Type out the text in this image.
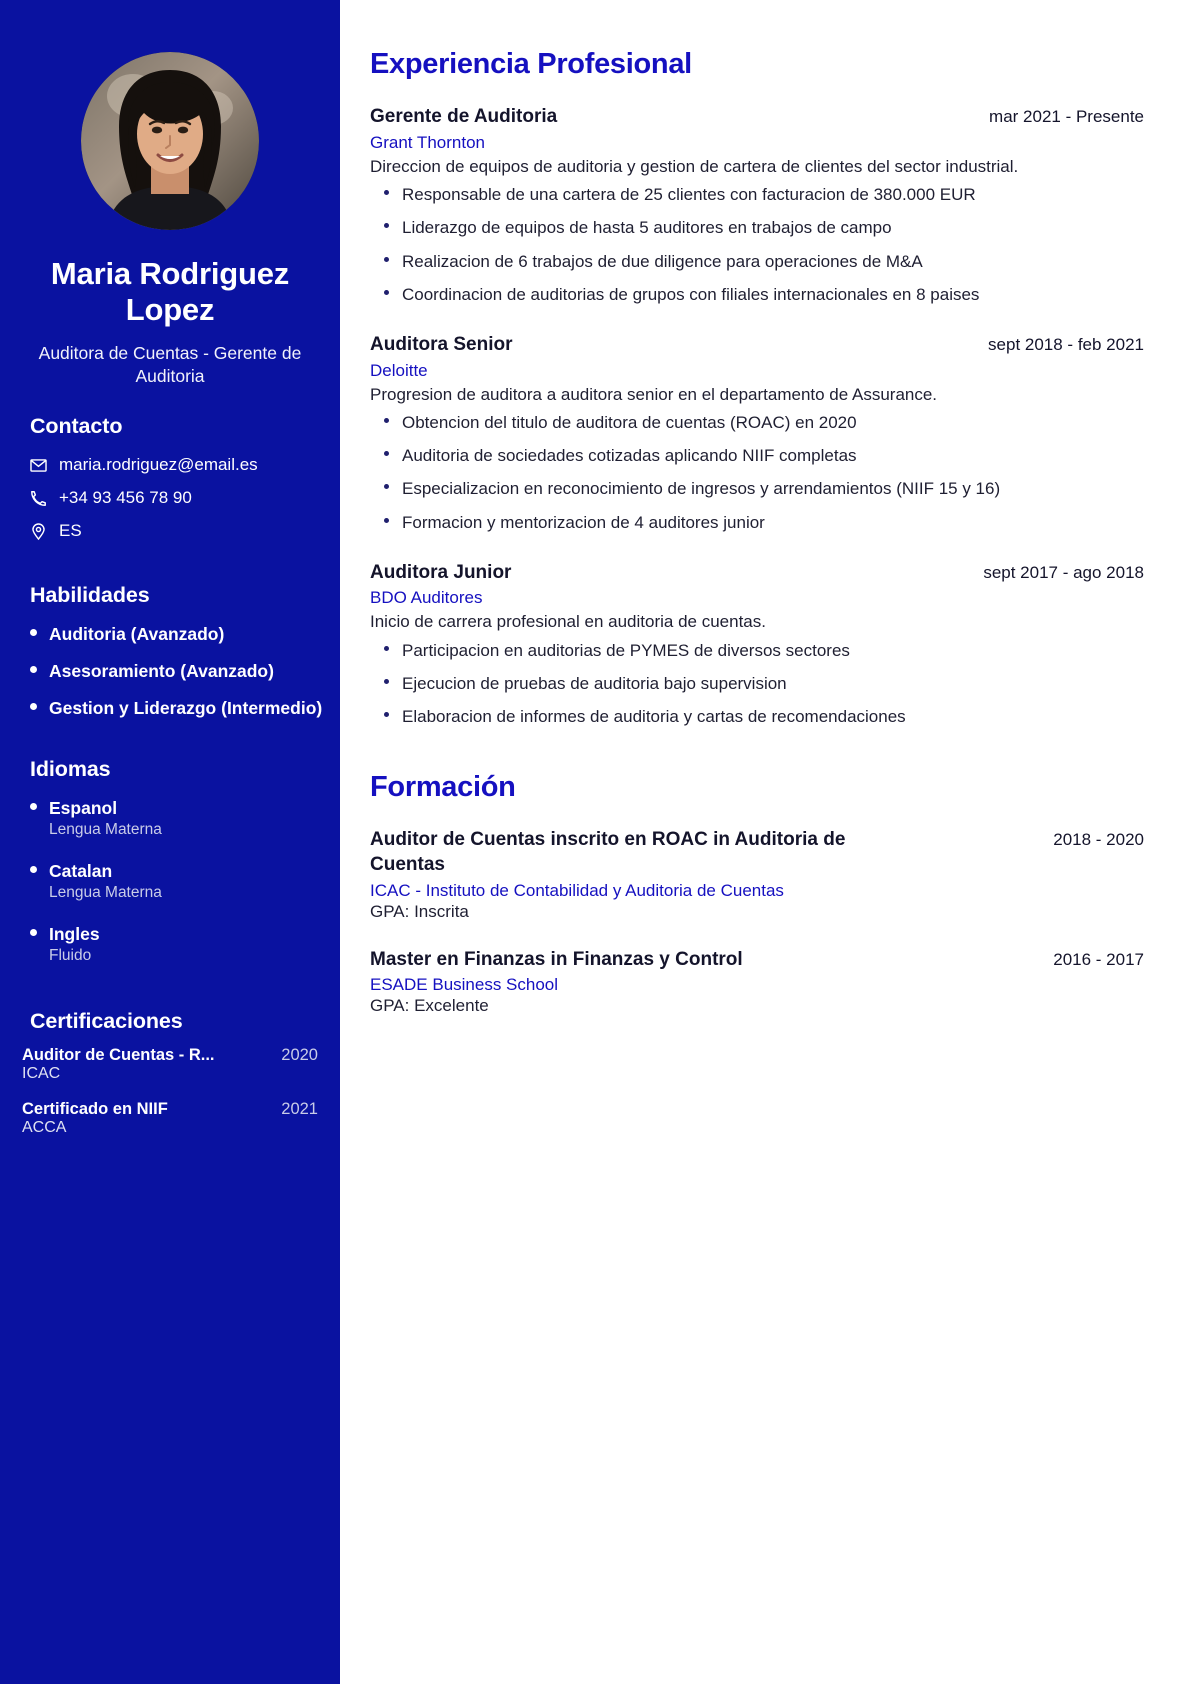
Maria Rodriguez Lopez
Auditora de Cuentas - Gerente de Auditoria
Contacto
maria.rodriguez@email.es
+34 93 456 78 90
ES
Habilidades
Auditoria (Avanzado)
Asesoramiento (Avanzado)
Gestion y Liderazgo (Intermedio)
Idiomas
Espanol
Lengua Materna
Catalan
Lengua Materna
Ingles
Fluido
Certificaciones
Auditor de Cuentas - R...	2020
ICAC
Certificado en NIIF	2021
ACCA
Experiencia Profesional
Gerente de Auditoria	mar 2021 - Presente
Grant Thornton
Direccion de equipos de auditoria y gestion de cartera de clientes del sector industrial.
Responsable de una cartera de 25 clientes con facturacion de 380.000 EUR
Liderazgo de equipos de hasta 5 auditores en trabajos de campo
Realizacion de 6 trabajos de due diligence para operaciones de M&A
Coordinacion de auditorias de grupos con filiales internacionales en 8 paises
Auditora Senior	sept 2018 - feb 2021
Deloitte
Progresion de auditora a auditora senior en el departamento de Assurance.
Obtencion del titulo de auditora de cuentas (ROAC) en 2020
Auditoria de sociedades cotizadas aplicando NIIF completas
Especializacion en reconocimiento de ingresos y arrendamientos (NIIF 15 y 16)
Formacion y mentorizacion de 4 auditores junior
Auditora Junior	sept 2017 - ago 2018
BDO Auditores
Inicio de carrera profesional en auditoria de cuentas.
Participacion en auditorias de PYMES de diversos sectores
Ejecucion de pruebas de auditoria bajo supervision
Elaboracion de informes de auditoria y cartas de recomendaciones
Formación
Auditor de Cuentas inscrito en ROAC in Auditoria de Cuentas
2018 - 2020
ICAC - Instituto de Contabilidad y Auditoria de Cuentas
GPA: Inscrita
Master en Finanzas in Finanzas y Control	2016 - 2017
ESADE Business School
GPA: Excelente
